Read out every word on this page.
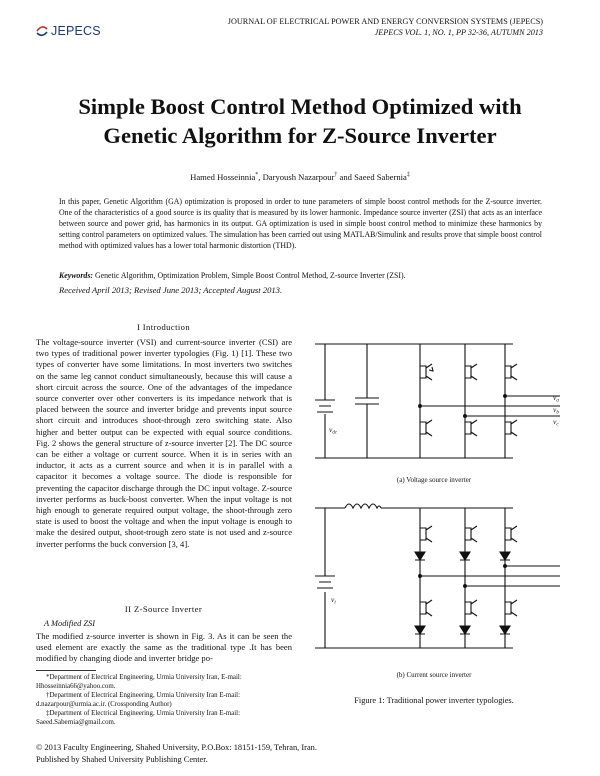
JEPECS
JOURNAL OF ELECTRICAL POWER AND ENERGY CONVERSION SYSTEMS (JEPECS)
JEPECS VOL. 1, NO. 1, PP 32-36, AUTUMN 2013
Simple Boost Control Method Optimized with
Genetic Algorithm for Z-Source Inverter
Hamed Hosseinnia*, Daryoush Nazarpour† and Saeed Sabernia‡
In this paper, Genetic Algorithm (GA) optimization is proposed in order to tune parameters of simple boost control methods for the Z-source inverter. One of the characteristics of a good source is its quality that is measured by its lower harmonic. Impedance source inverter (ZSI) that acts as an interface between source and power grid, has harmonics in its output. GA optimization is used in simple boost control method to minimize these harmonics by setting control parameters on optimized values. The simulation has been carried out using MATLAB/Simulink and results prove that simple boost control method with optimized values has a lower total harmonic distortion (THD).
Keywords: Genetic Algorithm, Optimization Problem, Simple Boost Control Method, Z-source Inverter (ZSI).
Received April 2013; Revised June 2013; Accepted August 2013.
I Introduction
The voltage-source inverter (VSI) and current-source inverter (CSI) are two types of traditional power inverter typologies (Fig. 1) [1]. These two types of converter have some limitations. In most inverters two switches on the same leg cannot conduct simultaneously, because this will cause a short circuit across the source. One of the advantages of the impedance source converter over other converters is its impedance network that is placed between the source and inverter bridge and prevents input source short circuit and introduces shoot-through zero switching state. Also higher and better output can be expected with equal source conditions. Fig. 2 shows the general structure of z-source inverter [2]. The DC source can be either a voltage or current source. When it is in series with an inductor, it acts as a current source and when it is in parallel with a capacitor it becomes a voltage source. The diode is responsible for preventing the capacitor discharge through the DC input voltage. Z-source inverter performs as buck-boost converter. When the input voltage is not high enough to generate required output voltage, the shoot-through zero state is used to boost the voltage and when the input voltage is enough to make the desired output, shoot-trough zero state is not used and z-source inverter performs the buck conversion [3, 4].
II Z-Source Inverter
A Modified ZSI
The modified z-source inverter is shown in Fig. 3. As it can be seen the used element are exactly the same as the traditional type .It has been modified by changing diode and inverter bridge po-
*Department of Electrical Engineering, Urmia University Iran, E-mail: Hhosseinnia66@yahoo.com.
†Department of Electrical Engineering, Urmia University Iran E-mail: d.nazarpour@urmia.ac.ir. (Crossponding Author)
‡Department of Electrical Engineering, Urmia University Iran E-mail: Saeed.Sabernia@gmail.com.
$v_{dc}$
$v_a$
$v_b$
$v_c$
$v_i$
(a) Voltage source inverter
(b) Current source inverter
Figure 1: Traditional power inverter typologies.
© 2013 Faculty Engineering, Shahed University, P.O.Box: 18151-159, Tehran, Iran.
Published by Shahed University Publishing Center.
